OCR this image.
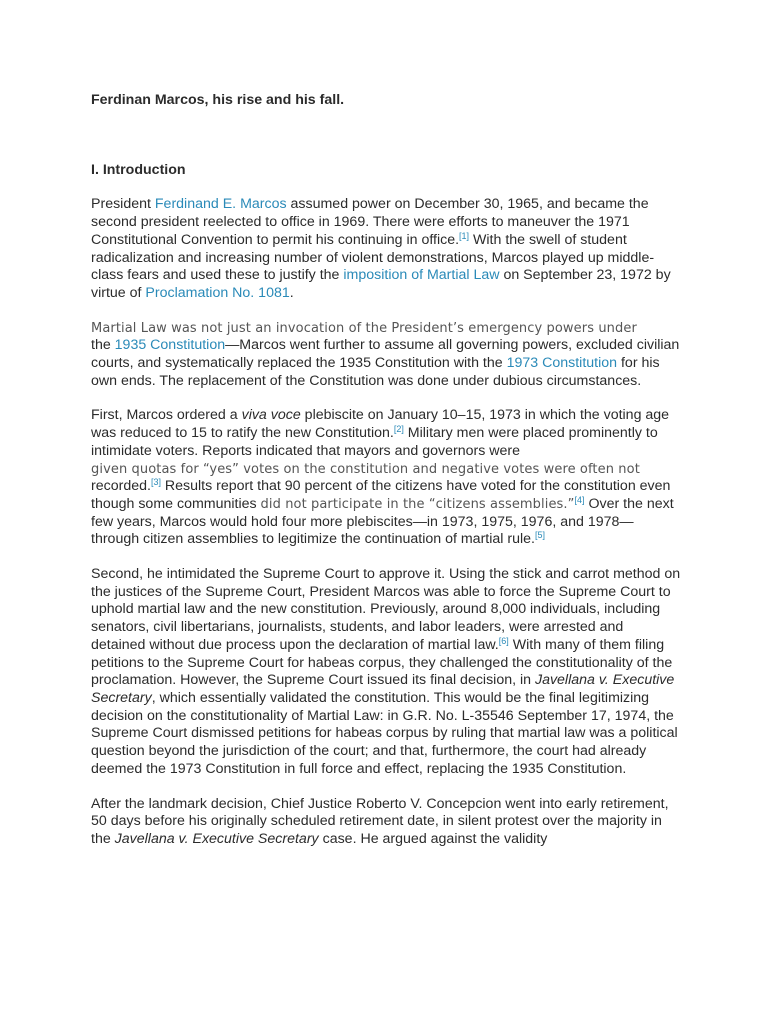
Ferdinan Marcos, his rise and his fall.
I. Introduction

President Ferdinand E. Marcos assumed power on December 30, 1965, and became the second president reelected to office in 1969. There were efforts to maneuver the 1971 Constitutional Convention to permit his continuing in office.[1] With the swell of student radicalization and increasing number of violent demonstrations, Marcos played up middle-class fears and used these to justify the imposition of Martial Law on September 23, 1972 by virtue of Proclamation No. 1081.

Martial Law was not just an invocation of the President’s emergency powers under
the 1935 Constitution—Marcos went further to assume all governing powers, excluded civilian courts, and systematically replaced the 1935 Constitution with the 1973 Constitution for his own ends. The replacement of the Constitution was done under dubious circumstances.

First, Marcos ordered a viva voce plebiscite on January 10–15, 1973 in which the voting age was reduced to 15 to ratify the new Constitution.[2] Military men were placed prominently to intimidate voters. Reports indicated that mayors and governors were
given quotas for “yes” votes on the constitution and negative votes were often not
recorded.[3] Results report that 90 percent of the citizens have voted for the constitution even though some communities did not participate in the “citizens assemblies.”[4] Over the next few years, Marcos would hold four more plebiscites—in 1973, 1975, 1976, and 1978—through citizen assemblies to legitimize the continuation of martial rule.[5]

Second, he intimidated the Supreme Court to approve it. Using the stick and carrot method on the justices of the Supreme Court, President Marcos was able to force the Supreme Court to uphold martial law and the new constitution. Previously, around 8,000 individuals, including senators, civil libertarians, journalists, students, and labor leaders, were arrested and detained without due process upon the declaration of martial law.[6] With many of them filing petitions to the Supreme Court for habeas corpus, they challenged the constitutionality of the proclamation. However, the Supreme Court issued its final decision, in Javellana v. Executive Secretary, which essentially validated the constitution. This would be the final legitimizing decision on the constitutionality of Martial Law: in G.R. No. L-35546 September 17, 1974, the Supreme Court dismissed petitions for habeas corpus by ruling that martial law was a political question beyond the jurisdiction of the court; and that, furthermore, the court had already deemed the 1973 Constitution in full force and effect, replacing the 1935 Constitution.

After the landmark decision, Chief Justice Roberto V. Concepcion went into early retirement, 50 days before his originally scheduled retirement date, in silent protest over the majority in the Javellana v. Executive Secretary case. He argued against the validity
